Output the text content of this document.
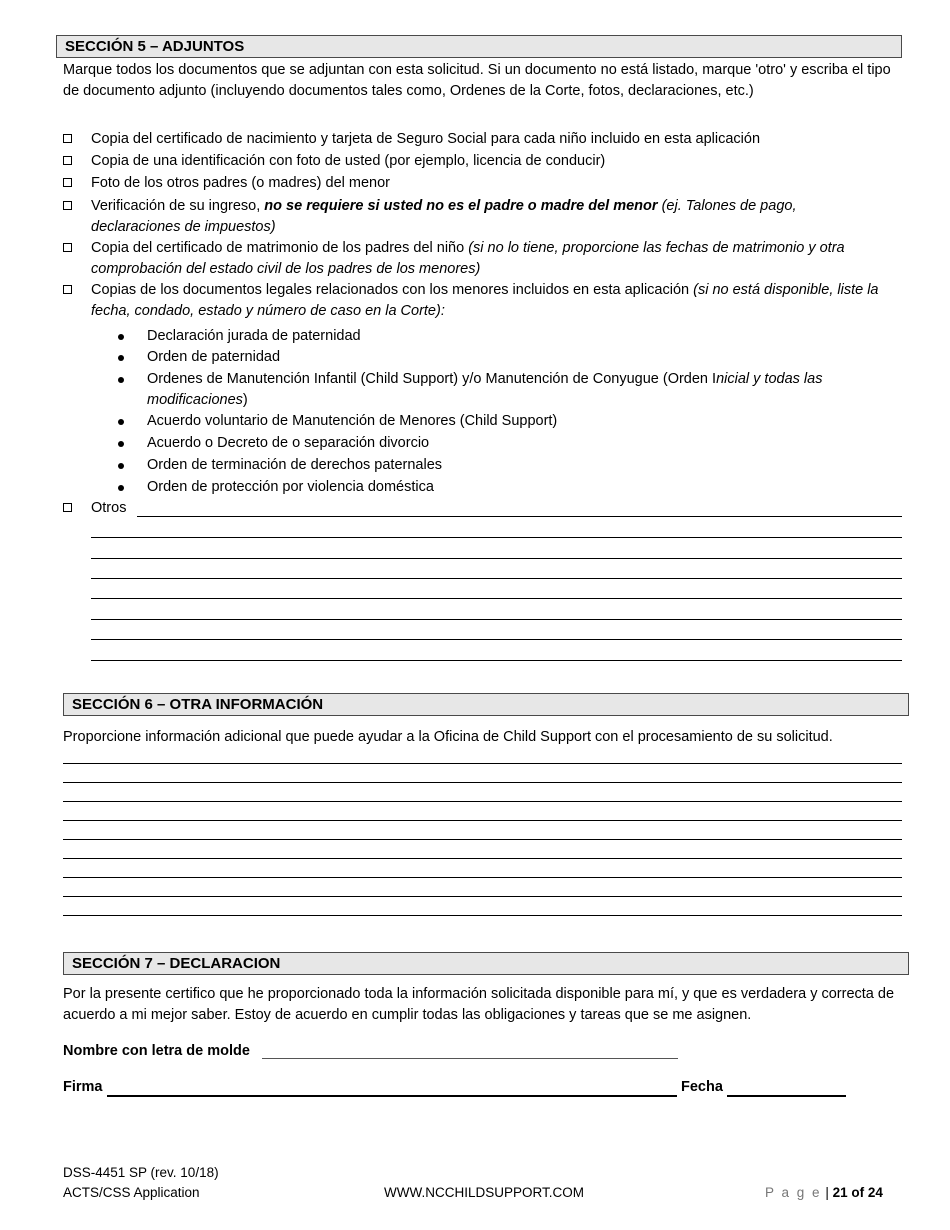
SECCIÓN 5 – ADJUNTOS
Marque todos los documentos que se adjuntan con esta solicitud. Si un documento no está listado, marque 'otro' y escriba el tipo de documento adjunto (incluyendo documentos tales como, Ordenes de la Corte, fotos, declaraciones, etc.)
Copia del certificado de nacimiento y tarjeta de Seguro Social para cada niño incluido en esta aplicación
Copia de una identificación con foto de usted (por ejemplo, licencia de conducir)
Foto de los otros padres (o madres) del menor
Verificación de su ingreso, no se requiere si usted no es el padre o madre del menor (ej. Talones de pago, declaraciones de impuestos)
Copia del certificado de matrimonio de los padres del niño (si no lo tiene, proporcione las fechas de matrimonio y otra comprobación del estado civil de los padres de los menores)
Copias de los documentos legales relacionados con los menores incluidos en esta aplicación (si no está disponible, liste la fecha, condado, estado y número de caso en la Corte):
Declaración jurada de paternidad
Orden de paternidad
Ordenes de Manutención Infantil (Child Support) y/o Manutención de Conyugue (Orden Inicial y todas las modificaciones)
Acuerdo voluntario de Manutención de Menores (Child Support)
Acuerdo o Decreto de o separación divorcio
Orden de terminación de derechos paternales
Orden de protección por violencia doméstica
Otros
SECCIÓN 6 – OTRA INFORMACIÓN
Proporcione información adicional que puede ayudar a la Oficina de Child Support con el procesamiento de su solicitud.
SECCIÓN 7 – DECLARACION
Por la presente certifico que he proporcionado toda la información solicitada disponible para mí, y que es verdadera y correcta de acuerdo a mi mejor saber. Estoy de acuerdo en cumplir todas las obligaciones y tareas que se me asignen.
Nombre con letra de molde
Firma	Fecha
DSS-4451 SP (rev. 10/18)
ACTS/CSS Application	WWW.NCCHILDSUPPORT.COM	P a g e | 21 of 24
